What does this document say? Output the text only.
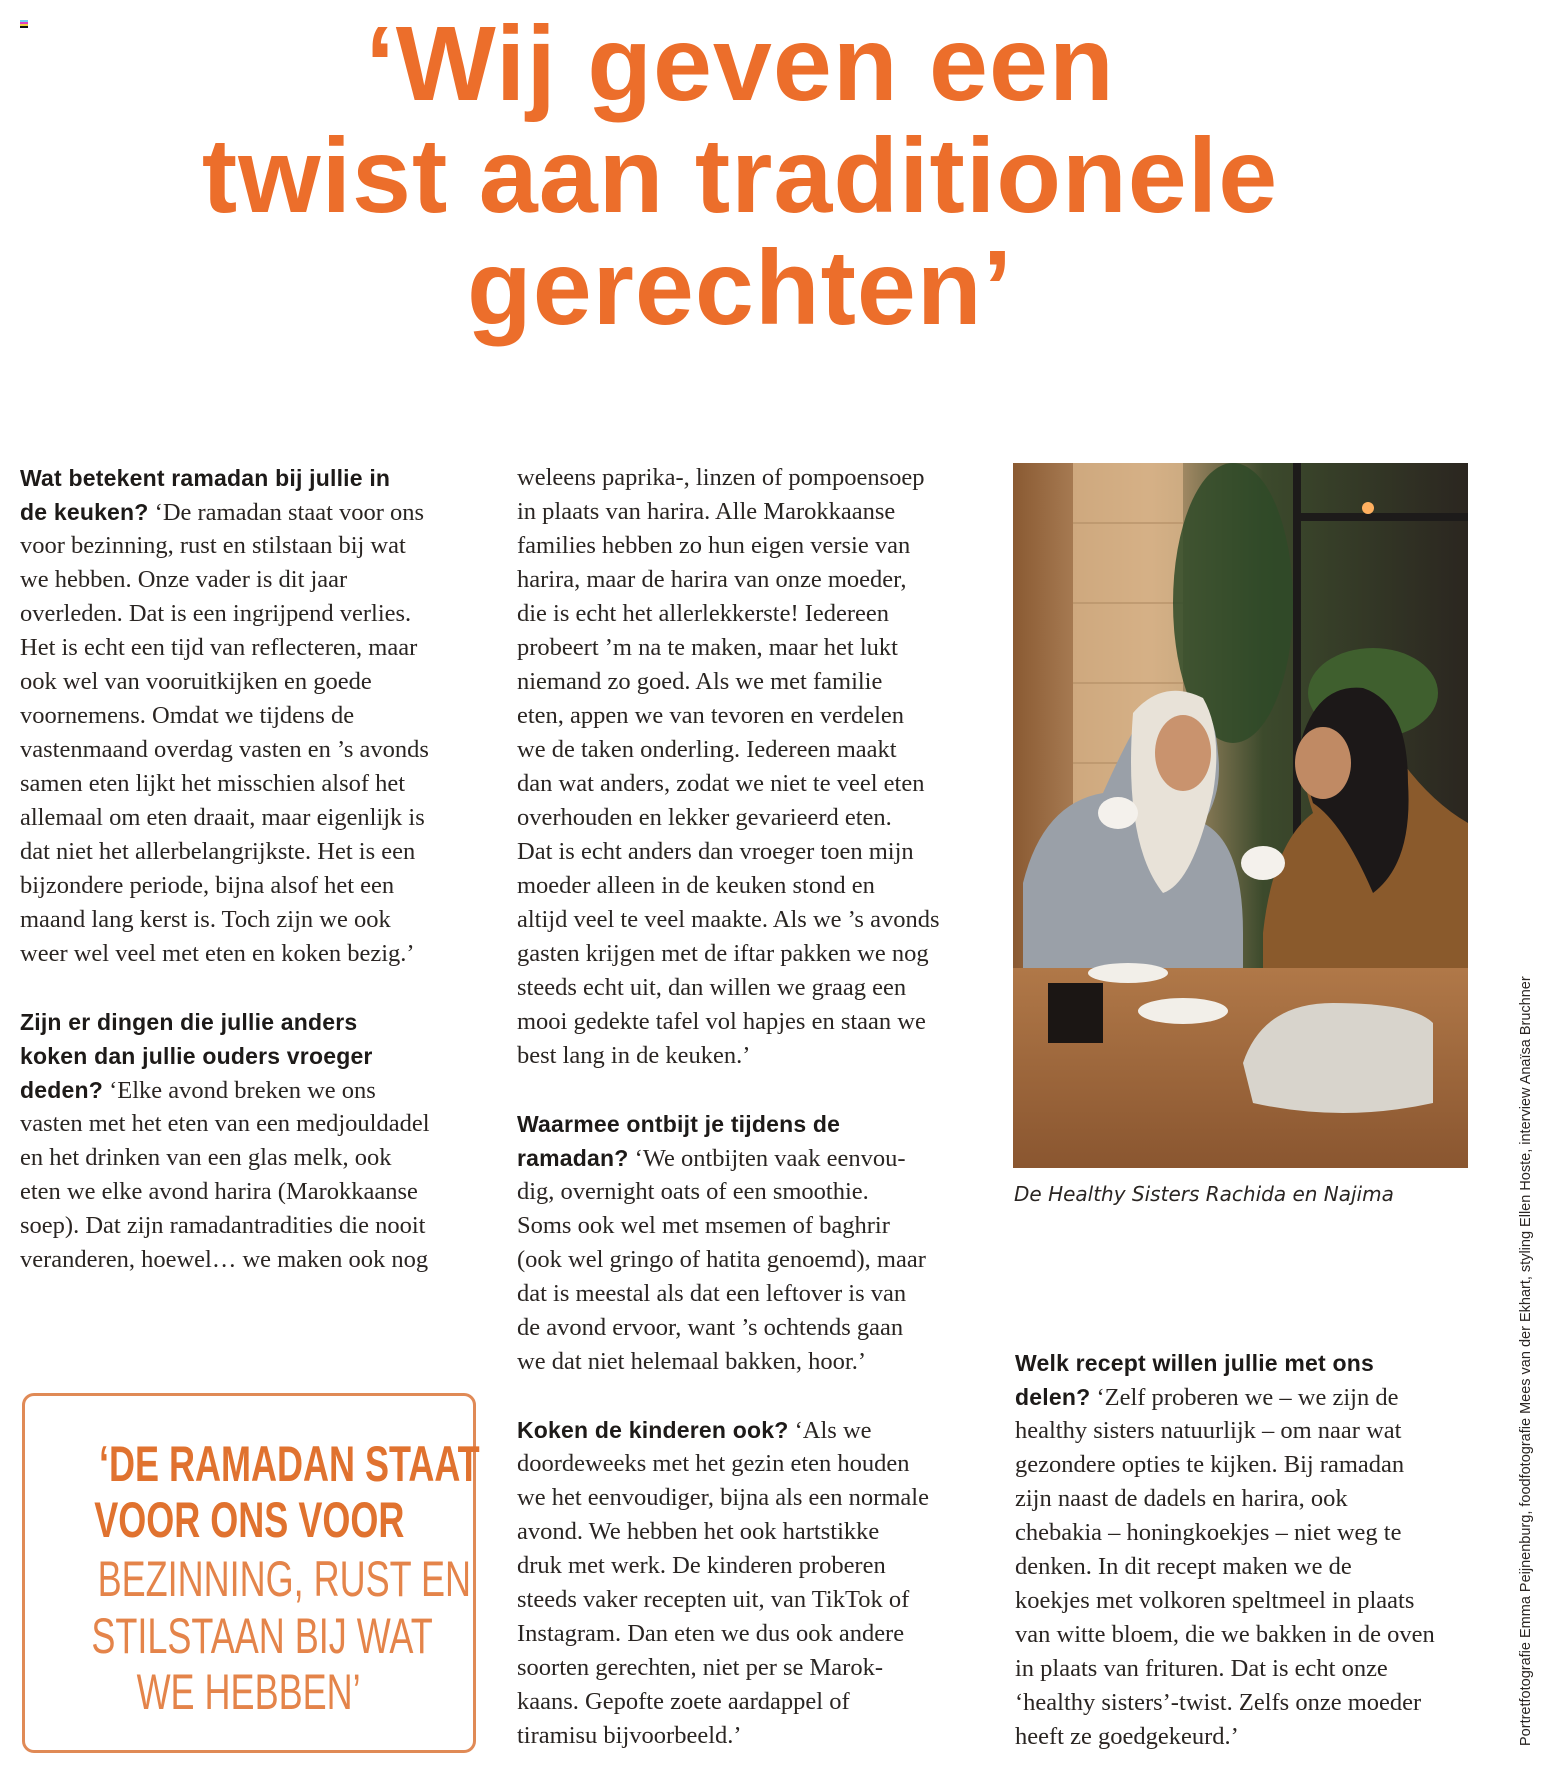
‘Wij geven een
twist aan traditionele
gerechten’
Wat betekent ramadan bij jullie in
de keuken? ‘De ramadan staat voor ons
voor bezinning, rust en stilstaan bij wat
we hebben. Onze vader is dit jaar
overleden. Dat is een ingrijpend verlies.
Het is echt een tijd van reflecteren, maar
ook wel van vooruitkijken en goede
voornemens. Omdat we tijdens de
vastenmaand overdag vasten en ’s avonds
samen eten lijkt het misschien alsof het
allemaal om eten draait, maar eigenlijk is
dat niet het allerbelangrijkste. Het is een
bijzondere periode, bijna alsof het een
maand lang kerst is. Toch zijn we ook
weer wel veel met eten en koken bezig.’
Zijn er dingen die jullie anders
koken dan jullie ouders vroeger
deden? ‘Elke avond breken we ons
vasten met het eten van een medjouldadel
en het drinken van een glas melk, ook
eten we elke avond harira (Marokkaanse
soep). Dat zijn ramadantradities die nooit
veranderen, hoewel… we maken ook nog
weleens paprika-, linzen of pompoensoep
in plaats van harira. Alle Marokkaanse
families hebben zo hun eigen versie van
harira, maar de harira van onze moeder,
die is echt het allerlekkerste! Iedereen
probeert ’m na te maken, maar het lukt
niemand zo goed. Als we met familie
eten, appen we van tevoren en verdelen
we de taken onderling. Iedereen maakt
dan wat anders, zodat we niet te veel eten
overhouden en lekker gevarieerd eten.
Dat is echt anders dan vroeger toen mijn
moeder alleen in de keuken stond en
altijd veel te veel maakte. Als we ’s avonds
gasten krijgen met de iftar pakken we nog
steeds echt uit, dan willen we graag een
mooi gedekte tafel vol hapjes en staan we
best lang in de keuken.’
Waarmee ontbijt je tijdens de
ramadan? ‘We ontbijten vaak eenvou-
dig, overnight oats of een smoothie.
Soms ook wel met msemen of baghrir
(ook wel gringo of hatita genoemd), maar
dat is meestal als dat een leftover is van
de avond ervoor, want ’s ochtends gaan
we dat niet helemaal bakken, hoor.’
Koken de kinderen ook? ‘Als we
doordeweeks met het gezin eten houden
we het eenvoudiger, bijna als een normale
avond. We hebben het ook hartstikke
druk met werk. De kinderen proberen
steeds vaker recepten uit, van TikTok of
Instagram. Dan eten we dus ook andere
soorten gerechten, niet per se Marok-
kaans. Gepofte zoete aardappel of
tiramisu bijvoorbeeld.’
Welk recept willen jullie met ons
delen? ‘Zelf proberen we – we zijn de
healthy sisters natuurlijk – om naar wat
gezondere opties te kijken. Bij ramadan
zijn naast de dadels en harira, ook
chebakia – honingkoekjes – niet weg te
denken. In dit recept maken we de
koekjes met volkoren speltmeel in plaats
van witte bloem, die we bakken in de oven
in plaats van frituren. Dat is echt onze
‘healthy sisters’-twist. Zelfs onze moeder
heeft ze goedgekeurd.’
De Healthy Sisters Rachida en Najima
‘DE RAMADAN STAAT
VOOR ONS VOOR
BEZINNING, RUST EN
STILSTAAN BIJ WAT
WE HEBBEN’	Portretfotografie Emma Peijnenburg, foodfotografie Mees van der Ekhart, styling Ellen Hoste, interview Anaïsa Bruchner
